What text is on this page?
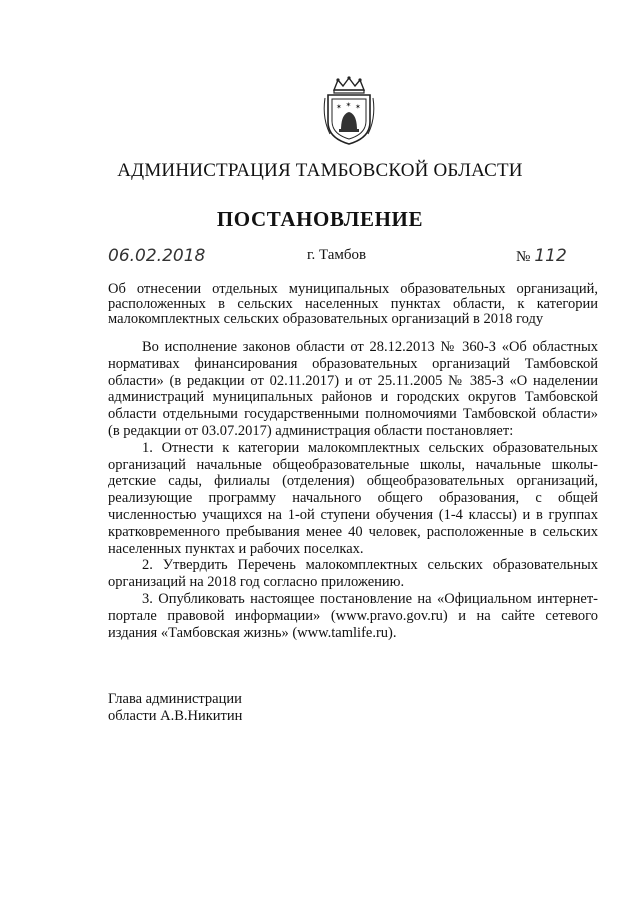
✶ ✶ ✶
АДМИНИСТРАЦИЯ ТАМБОВСКОЙ ОБЛАСТИ
ПОСТАНОВЛЕНИЕ
06.02.2018	г. Тамбов	№ 112
Об отнесении отдельных муниципальных образовательных организаций,
расположенных в сельских населенных пунктах области, к категории
малокомплектных сельских образовательных организаций в 2018 году

Во исполнение законов области от 28.12.2013 № 360-З «Об областных нормативах финансирования образовательных организаций Тамбовской области» (в редакции от 02.11.2017) и от 25.11.2005 № 385-З «О наделении администраций муниципальных районов и городских округов Тамбовской области отдельными государственными полномочиями Тамбовской области» (в редакции от 03.07.2017) администрация области постановляет:

1. Отнести к категории малокомплектных сельских образовательных организаций начальные общеобразовательные школы, начальные школы-детские сады, филиалы (отделения) общеобразовательных организаций, реализующие программу начального общего образования, с общей численностью учащихся на 1-ой ступени обучения (1-4 классы) и в группах кратковременного пребывания менее 40 человек, расположенные в сельских населенных пунктах и рабочих поселках.

2. Утвердить Перечень малокомплектных сельских образовательных организаций на 2018 год согласно приложению.

3. Опубликовать настоящее постановление на «Официальном интернет-портале правовой информации» (www.pravo.gov.ru) и на сайте сетевого издания «Тамбовская жизнь» (www.tamlife.ru).

Глава администрации
области А.В.Никитин
